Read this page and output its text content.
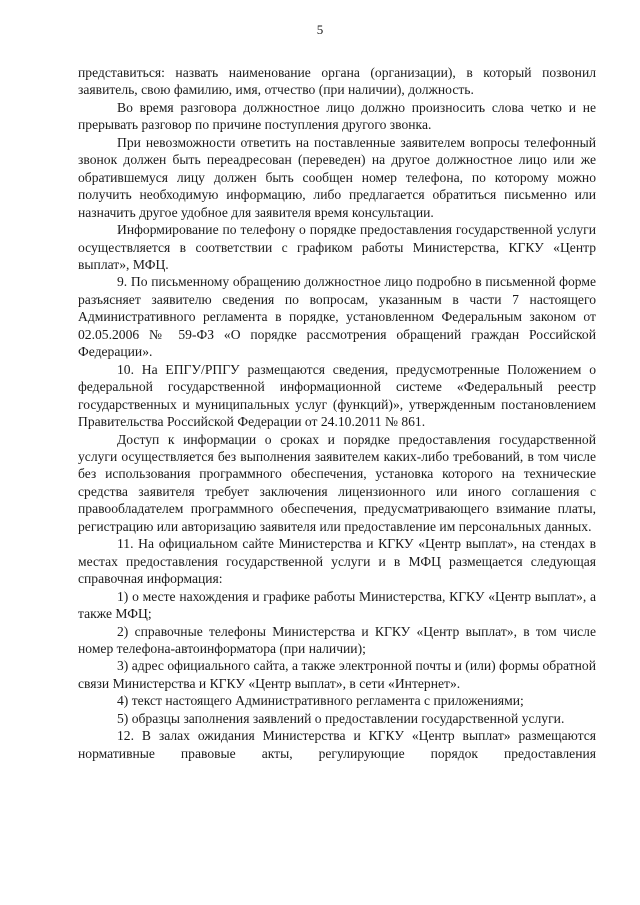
5

представиться: назвать наименование органа (организации), в который позвонил заявитель, свою фамилию, имя, отчество (при наличии), должность.

Во время разговора должностное лицо должно произносить слова четко и не прерывать разговор по причине поступления другого звонка.

При невозможности ответить на поставленные заявителем вопросы телефонный звонок должен быть переадресован (переведен) на другое должностное лицо или же обратившемуся лицу должен быть сообщен номер телефона, по которому можно получить необходимую информацию, либо предлагается обратиться письменно или назначить другое удобное для заявителя время консультации.

Информирование по телефону о порядке предоставления государственной услуги осуществляется в соответствии с графиком работы Министерства, КГКУ «Центр выплат», МФЦ.

9. По письменному обращению должностное лицо подробно в письменной форме разъясняет заявителю сведения по вопросам, указанным в части 7 настоящего Административного регламента в порядке, установленном Федеральным законом от 02.05.2006 № 59-ФЗ «О порядке рассмотрения обращений граждан Российской Федерации».

10. На ЕПГУ/РПГУ размещаются сведения, предусмотренные Положением о федеральной государственной информационной системе «Федеральный реестр государственных и муниципальных услуг (функций)», утвержденным постановлением Правительства Российской Федерации от 24.10.2011 № 861.

Доступ к информации о сроках и порядке предоставления государственной услуги осуществляется без выполнения заявителем каких-либо требований, в том числе без использования программного обеспечения, установка которого на технические средства заявителя требует заключения лицензионного или иного соглашения с правообладателем программного обеспечения, предусматривающего взимание платы, регистрацию или авторизацию заявителя или предоставление им персональных данных.

11. На официальном сайте Министерства и КГКУ «Центр выплат», на стендах в местах предоставления государственной услуги и в МФЦ размещается следующая справочная информация:

1) о месте нахождения и графике работы Министерства, КГКУ «Центр выплат», а также МФЦ;

2) справочные телефоны Министерства и КГКУ «Центр выплат», в том числе номер телефона-автоинформатора (при наличии);

3) адрес официального сайта, а также электронной почты и (или) формы обратной связи Министерства и КГКУ «Центр выплат», в сети «Интернет».

4) текст настоящего Административного регламента с приложениями;

5) образцы заполнения заявлений о предоставлении государственной услуги.

12. В залах ожидания Министерства и КГКУ «Центр выплат» размещаются нормативные правовые акты, регулирующие порядок предоставления
